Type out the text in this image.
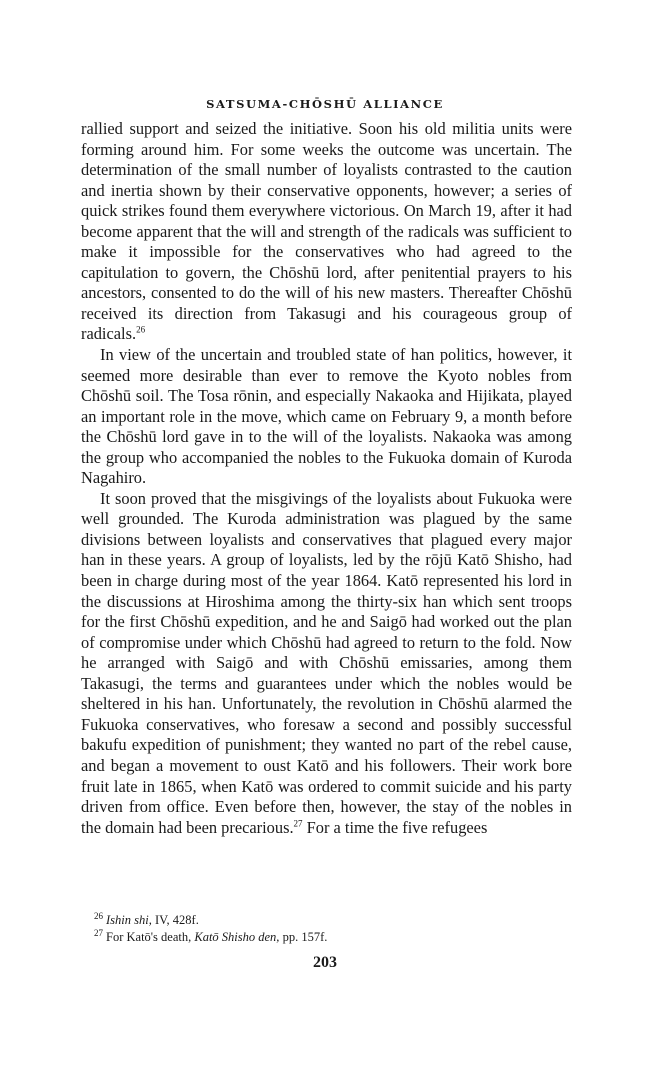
SATSUMA-CHŌSHŪ ALLIANCE

rallied support and seized the initiative. Soon his old militia units were forming around him. For some weeks the outcome was uncertain. The determination of the small number of loyalists contrasted to the caution and inertia shown by their conservative opponents, however; a series of quick strikes found them everywhere victorious. On March 19, after it had become apparent that the will and strength of the radicals was sufficient to make it impossible for the conservatives who had agreed to the capitulation to govern, the Chōshū lord, after penitential prayers to his ancestors, consented to do the will of his new masters. Thereafter Chōshū received its direction from Takasugi and his courageous group of radicals.$^{26}$

In view of the uncertain and troubled state of han politics, however, it seemed more desirable than ever to remove the Kyoto nobles from Chōshū soil. The Tosa rōnin, and especially Nakaoka and Hijikata, played an important role in the move, which came on February 9, a month before the Chōshū lord gave in to the will of the loyalists. Nakaoka was among the group who accompanied the nobles to the Fukuoka domain of Kuroda Nagahiro.

It soon proved that the misgivings of the loyalists about Fukuoka were well grounded. The Kuroda administration was plagued by the same divisions between loyalists and conservatives that plagued every major han in these years. A group of loyalists, led by the rōjū Katō Shisho, had been in charge during most of the year 1864. Katō represented his lord in the discussions at Hiroshima among the thirty-six han which sent troops for the first Chōshū expedition, and he and Saigō had worked out the plan of compromise under which Chōshū had agreed to return to the fold. Now he arranged with Saigō and with Chōshū emissaries, among them Takasugi, the terms and guarantees under which the nobles would be sheltered in his han. Unfortunately, the revolution in Chōshū alarmed the Fukuoka conservatives, who foresaw a second and possibly successful bakufu expedition of punishment; they wanted no part of the rebel cause, and began a movement to oust Katō and his followers. Their work bore fruit late in 1865, when Katō was ordered to commit suicide and his party driven from office. Even before then, however, the stay of the nobles in the domain had been precarious.$^{27}$ For a time the five refugees

$^{26}$ Ishin shi, IV, 428f.

$^{27}$ For Katō's death, Katō Shisho den, pp. 157f.

203
